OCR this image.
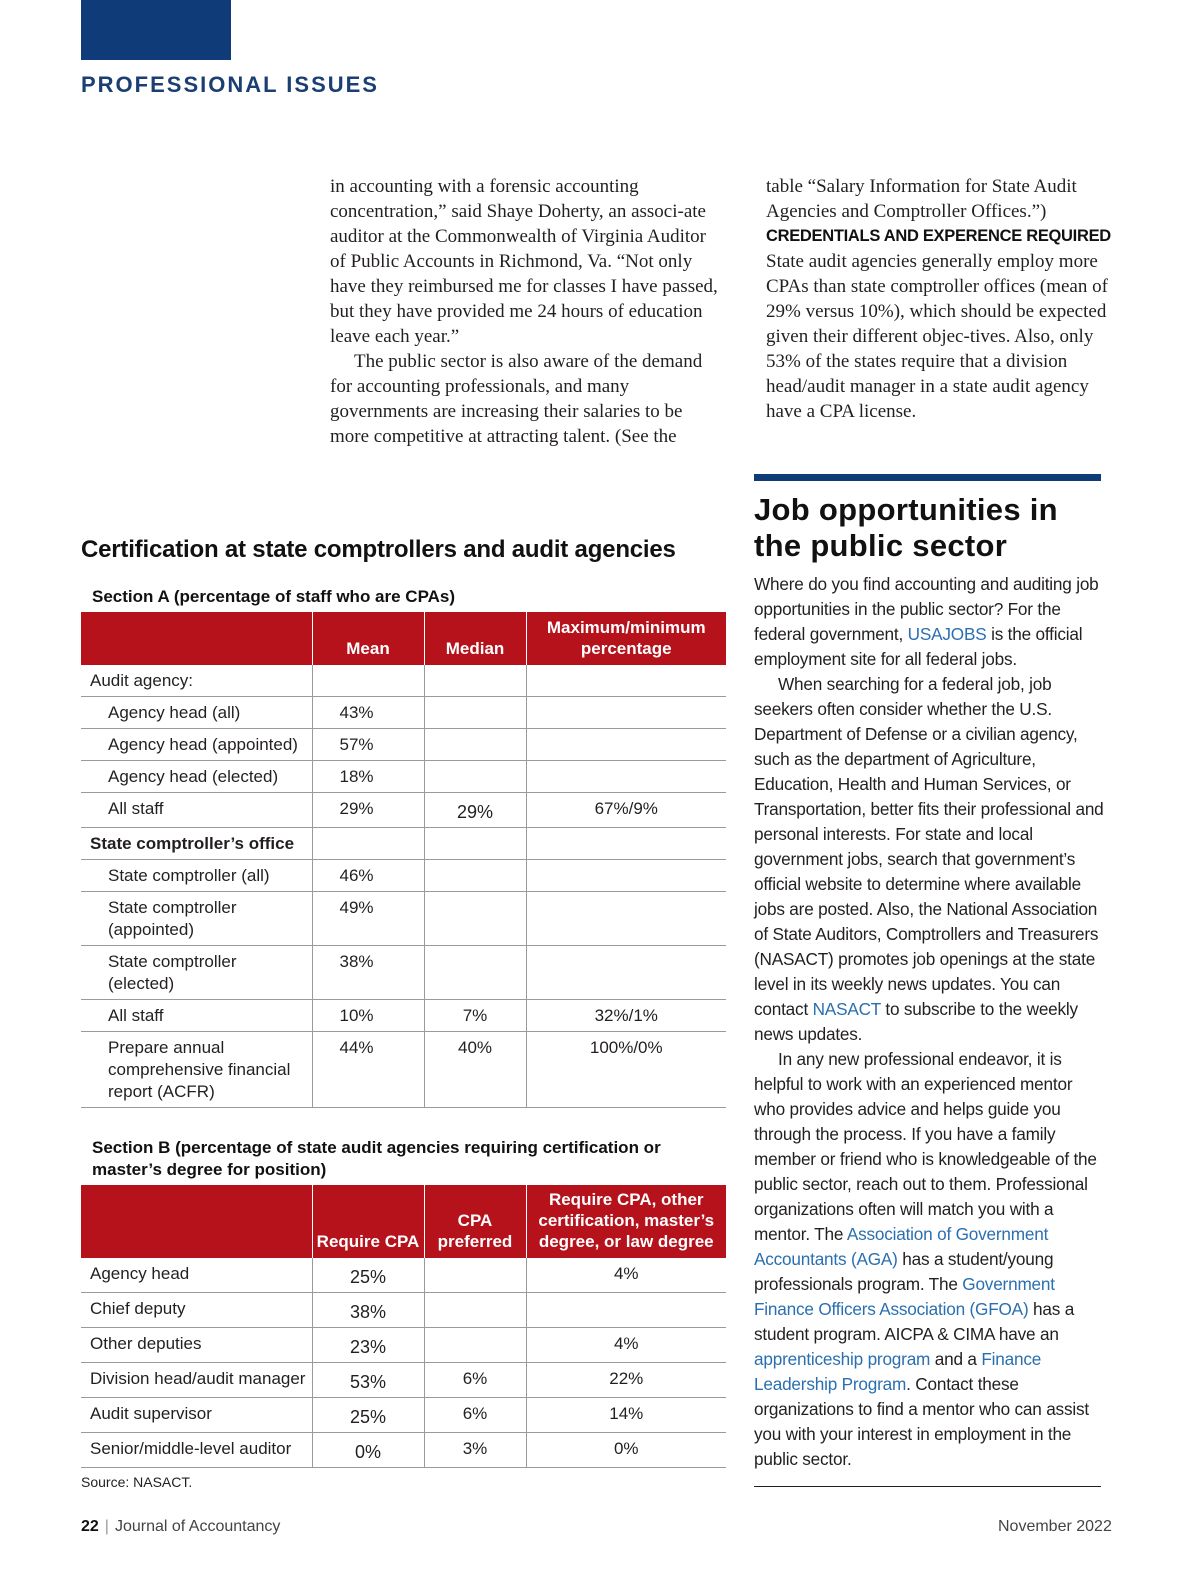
PROFESSIONAL ISSUES

in accounting with a forensic accounting concentration,” said Shaye Doherty, an associ-ate auditor at the Commonwealth of Virginia Auditor of Public Accounts in Richmond, Va. “Not only have they reimbursed me for classes I have passed, but they have provided me 24 hours of education leave each year.”

The public sector is also aware of the demand for accounting professionals, and many governments are increasing their salaries to be more competitive at attracting talent. (See the

table “Salary Information for State Audit Agencies and Comptroller Offices.”)

CREDENTIALS AND EXPERENCE REQUIRED

State audit agencies generally employ more CPAs than state comptroller offices (mean of 29% versus 10%), which should be expected given their different objec-tives. Also, only 53% of the states require that a division head/audit manager in a state audit agency have a CPA license.

Job opportunities in the public sector

Where do you find accounting and auditing job opportunities in the public sector? For the federal government, USAJOBS is the official employment site for all federal jobs.

When searching for a federal job, job seekers often consider whether the U.S. Department of Defense or a civilian agency, such as the department of Agriculture, Education, Health and Human Services, or Transportation, better fits their professional and personal interests. For state and local government jobs, search that government’s official website to determine where available jobs are posted. Also, the National Association of State Auditors, Comptrollers and Treasurers (NASACT) promotes job openings at the state level in its weekly news updates. You can contact NASACT to subscribe to the weekly news updates.

In any new professional endeavor, it is helpful to work with an experienced mentor who provides advice and helps guide you through the process. If you have a family member or friend who is knowledgeable of the public sector, reach out to them. Professional organizations often will match you with a mentor. The Association of Government Accountants (AGA) has a student/young professionals program. The Government Finance Officers Association (GFOA) has a student program. AICPA & CIMA have an apprenticeship program and a Finance Leadership Program. Contact these organizations to find a mentor who can assist you with your interest in employment in the public sector.

Certification at state comptrollers and audit agencies
Section A (percentage of staff who are CPAs)
	Mean	Median	Maximum/minimum percentage
Audit agency:			
Agency head (all)	43%		
Agency head (appointed)	57%		
Agency head (elected)	18%		
All staff	29%	29%	67%/9%
State comptroller’s office			
State comptroller (all)	46%		
State comptroller (appointed)	49%		
State comptroller (elected)	38%		
All staff	10%	7%	32%/1%
Prepare annual comprehensive financial report (ACFR)	44%	40%	100%/0%
Section B (percentage of state audit agencies requiring certification or master’s degree for position)
	Require CPA	CPA preferred	Require CPA, other certification, master’s degree, or law degree
Agency head	25%		4%
Chief deputy	38%		
Other deputies	23%		4%
Division head/audit manager	53%	6%	22%
Audit supervisor	25%	6%	14%
Senior/middle-level auditor	0%	3%	0%
Source: NASACT.
22 | Journal of Accountancy	November 2022
